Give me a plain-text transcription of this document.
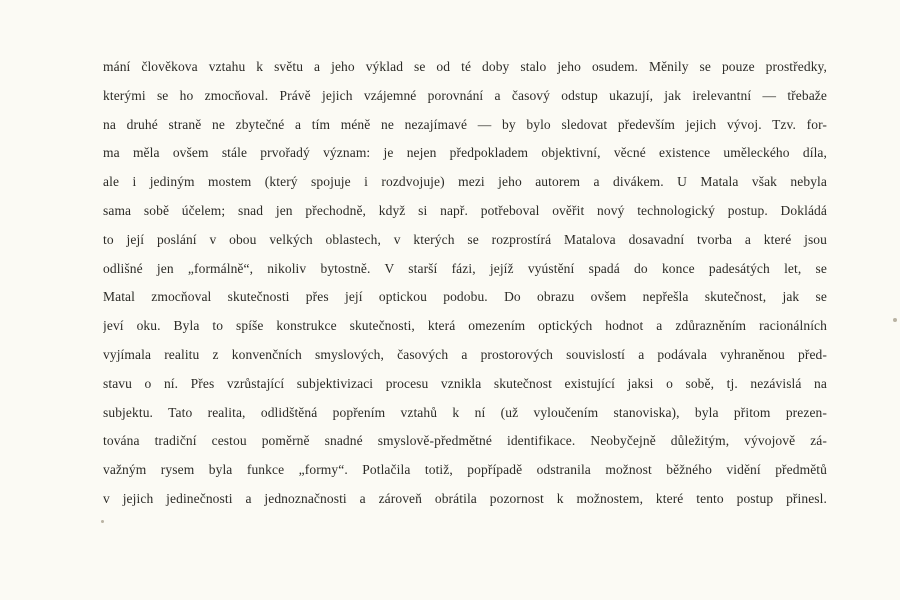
mání člověkova vztahu k světu a jeho výklad se od té doby stalo jeho osudem. Měnily se pouze prostředky,
kterými se ho zmocňoval. Právě jejich vzájemné porovnání a časový odstup ukazují, jak irelevantní — třebaže
na druhé straně ne zbytečné a tím méně ne nezajímavé — by bylo sledovat především jejich vývoj. Tzv. for-
ma měla ovšem stále prvořadý význam: je nejen předpokladem objektivní, věcné existence uměleckého díla,
ale i jediným mostem (který spojuje i rozdvojuje) mezi jeho autorem a divákem. U Matala však nebyla
sama sobě účelem; snad jen přechodně, když si např. potřeboval ověřit nový technologický postup. Dokládá
to její poslání v obou velkých oblastech, v kterých se rozprostírá Matalova dosavadní tvorba a které jsou
odlišné jen „formálně“, nikoliv bytostně. V starší fázi, jejíž vyústění spadá do konce padesátých let, se
Matal zmocňoval skutečnosti přes její optickou podobu. Do obrazu ovšem nepřešla skutečnost, jak se
jeví oku. Byla to spíše konstrukce skutečnosti, která omezením optických hodnot a zdůrazněním racionálních
vyjímala realitu z konvenčních smyslových, časových a prostorových souvislostí a podávala vyhraněnou před-
stavu o ní. Přes vzrůstající subjektivizaci procesu vznikla skutečnost existující jaksi o sobě, tj. nezávislá na
subjektu. Tato realita, odlidštěná popřením vztahů k ní (už vyloučením stanoviska), byla přitom prezen-
tována tradiční cestou poměrně snadné smyslově-předmětné identifikace. Neobyčejně důležitým, vývojově zá-
važným rysem byla funkce „formy“. Potlačila totiž, popřípadě odstranila možnost běžného vidění předmětů
v jejich jedinečnosti a jednoznačnosti a zároveň obrátila pozornost k možnostem, které tento postup přinesl.
